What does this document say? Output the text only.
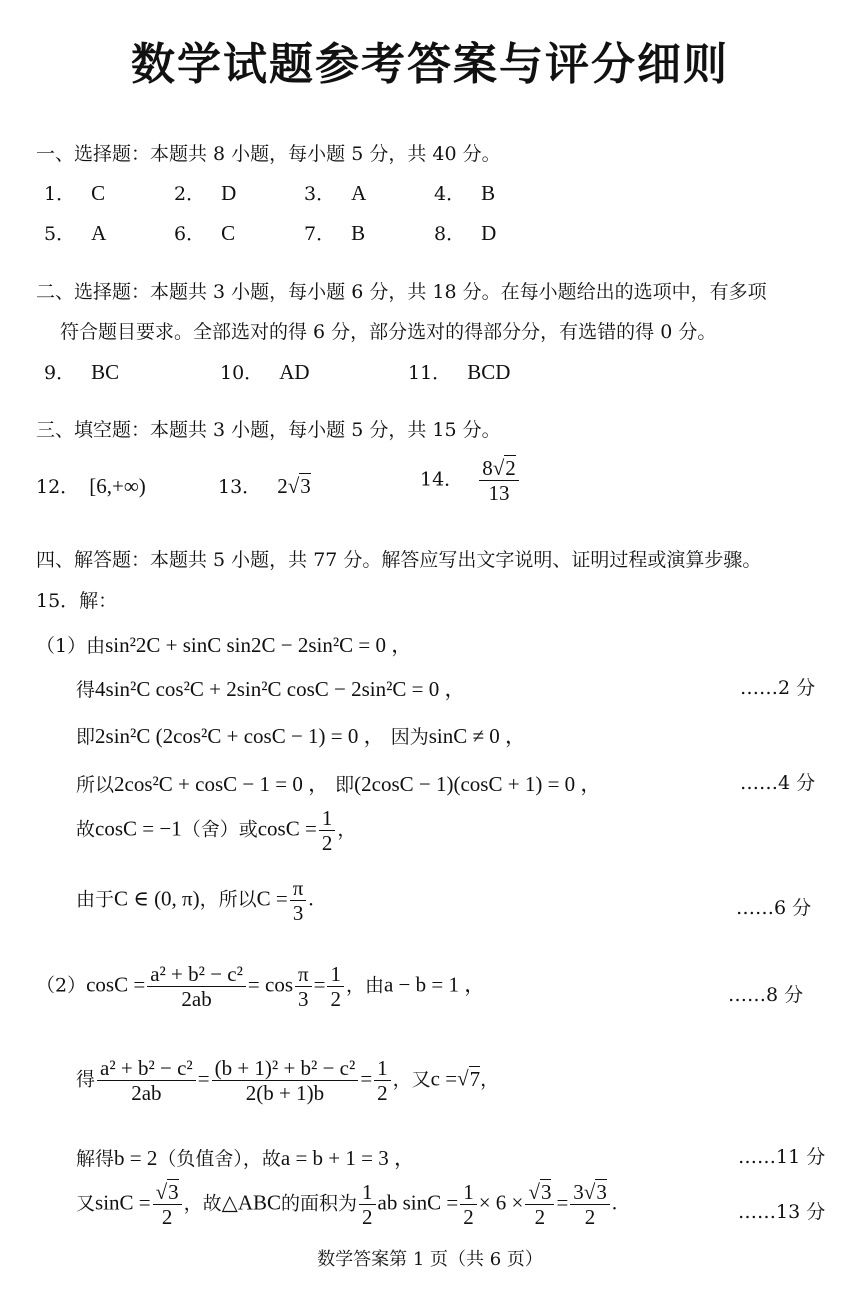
数学试题参考答案与评分细则
一、选择题：本题共 8 小题，每小题 5 分，共 40 分。
1． C	2． D	3． A	4． B
5． A	6． C	7． B	8． D
二、选择题：本题共 3 小题，每小题 6 分，共 18 分。在每小题给出的选项中，有多项
符合题目要求。全部选对的得 6 分，部分选对的得部分分，有选错的得 0 分。
9． BC	10． AD	11． BCD
三、填空题：本题共 3 小题，每小题 5 分，共 15 分。
12． [6,+∞)	13． 2√3	14． $\frac{8√2}{13}$
四、解答题：本题共 5 小题，共 77 分。解答应写出文字说明、证明过程或演算步骤。
15．解：
（1）由sin²2C + sinC sin2C − 2sin²C = 0 ，
得4sin²C cos²C + 2sin²C cosC − 2sin²C = 0 ，	……2 分
即2sin²C (2cos²C + cosC − 1) = 0 ， 因为sinC ≠ 0 ，
所以2cos²C + cosC − 1 = 0 ， 即(2cosC − 1)(cosC + 1) = 0 ，	……4 分
故cosC = −1（舍）或$\cos C = \frac{1}{2}$ ，
由于C ∈ (0, π)，所以$C = \frac{\pi}{3}$ .	……6 分
$(2)\cos C = \frac{\text{a² + b² − c²}}{2ab} = \cos \frac{\pi}{3} = \frac{1}{2}$ ，由a − b = 1 ，	……8 分
得 $\frac{\text{a² + b² − c²}}{2ab} = \frac{\text{(b + 1)² + b² − c²}}{2(b + 1)b} = \frac{1}{2}$ ，又c =√7，
解得b = 2（负值舍），故a = b + 1 = 3 ，	……11 分
又$\sin C = \frac{√3}{2}$ ，故△ABC的面积为 $\frac{1}{2}$ ab $\sin C = \frac{1}{2} \times 6 \times \frac{√3}{2} = \frac{3√3}{2}$ .	……13 分
数学答案第 1 页（共 6 页）
